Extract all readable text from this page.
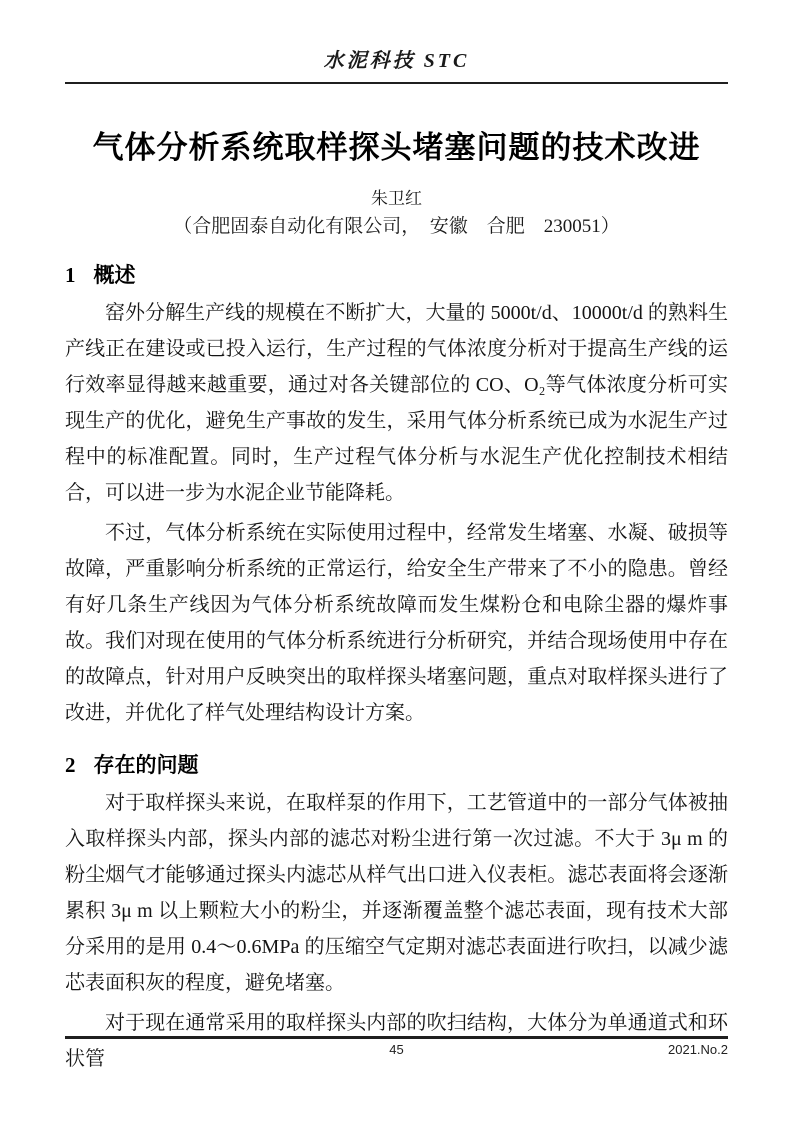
水泥科技 STC
气体分析系统取样探头堵塞问题的技术改进
朱卫红
（合肥固泰自动化有限公司，　安徽　合肥　230051）
1 概述

窑外分解生产线的规模在不断扩大，大量的 5000t/d、10000t/d 的熟料生产线正在建设或已投入运行，生产过程的气体浓度分析对于提高生产线的运行效率显得越来越重要，通过对各关键部位的 CO、O₂等气体浓度分析可实现生产的优化，避免生产事故的发生，采用气体分析系统已成为水泥生产过程中的标准配置。同时，生产过程气体分析与水泥生产优化控制技术相结合，可以进一步为水泥企业节能降耗。

不过，气体分析系统在实际使用过程中，经常发生堵塞、水凝、破损等故障，严重影响分析系统的正常运行，给安全生产带来了不小的隐患。曾经有好几条生产线因为气体分析系统故障而发生煤粉仓和电除尘器的爆炸事故。我们对现在使用的气体分析系统进行分析研究，并结合现场使用中存在的故障点，针对用户反映突出的取样探头堵塞问题，重点对取样探头进行了改进，并优化了样气处理结构设计方案。

2 存在的问题

对于取样探头来说，在取样泵的作用下，工艺管道中的一部分气体被抽入取样探头内部，探头内部的滤芯对粉尘进行第一次过滤。不大于 3μ m 的粉尘烟气才能够通过探头内滤芯从样气出口进入仪表柜。滤芯表面将会逐渐累积 3μ m 以上颗粒大小的粉尘，并逐渐覆盖整个滤芯表面，现有技术大部分采用的是用 0.4～0.6MPa 的压缩空气定期对滤芯表面进行吹扫，以减少滤芯表面积灰的程度，避免堵塞。

对于现在通常采用的取样探头内部的吹扫结构，大体分为单通道式和环状管	45	2021.No.2
